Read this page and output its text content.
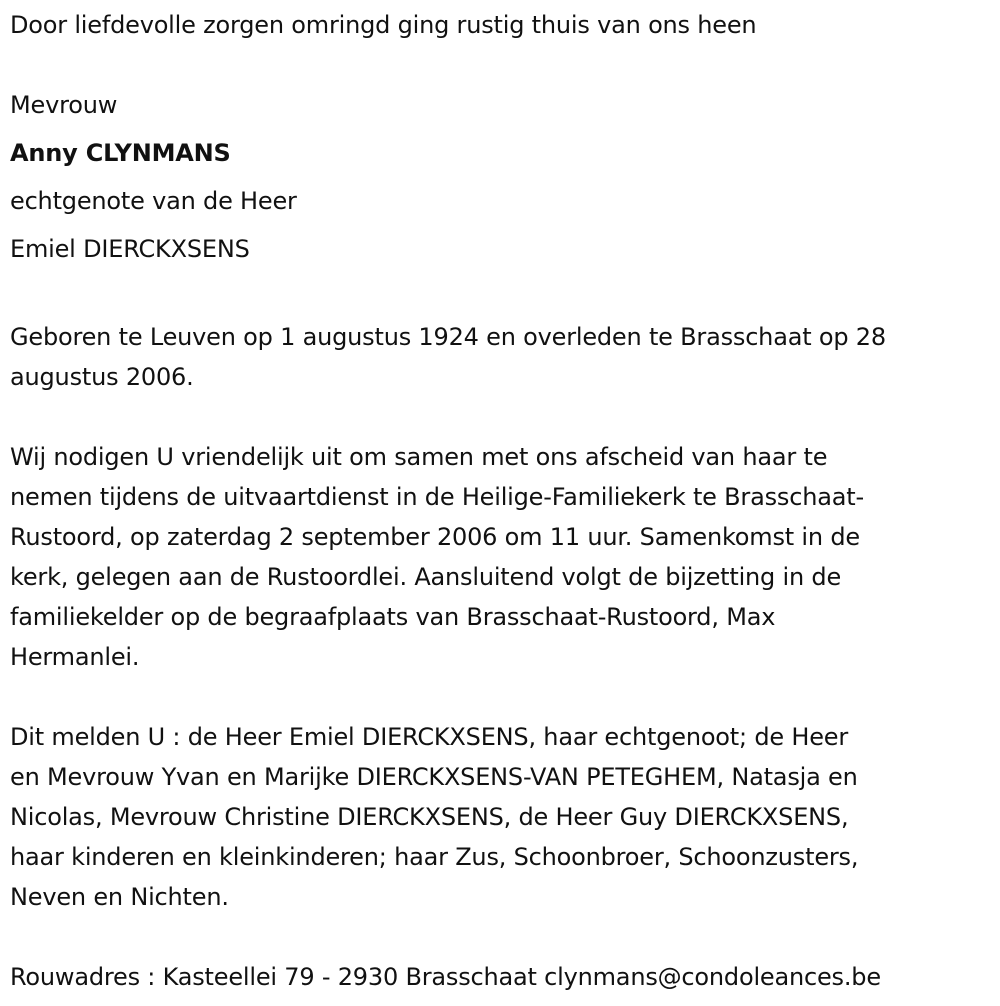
Door liefdevolle zorgen omringd ging rustig thuis van ons heen
Mevrouw
Anny CLYNMANS
echtgenote van de Heer
Emiel DIERCKXSENS
Geboren te Leuven op 1 augustus 1924 en overleden te Brasschaat op 28
augustus 2006.
Wij nodigen U vriendelijk uit om samen met ons afscheid van haar te
nemen tijdens de uitvaartdienst in de Heilige-Familiekerk te Brasschaat-
Rustoord, op zaterdag 2 september 2006 om 11 uur. Samenkomst in de
kerk, gelegen aan de Rustoordlei. Aansluitend volgt de bijzetting in de
familiekelder op de begraafplaats van Brasschaat-Rustoord, Max
Hermanlei.
Dit melden U : de Heer Emiel DIERCKXSENS, haar echtgenoot; de Heer
en Mevrouw Yvan en Marijke DIERCKXSENS-VAN PETEGHEM, Natasja en
Nicolas, Mevrouw Christine DIERCKXSENS, de Heer Guy DIERCKXSENS,
haar kinderen en kleinkinderen; haar Zus, Schoonbroer, Schoonzusters,
Neven en Nichten.
Rouwadres : Kasteellei 79 - 2930 Brasschaat clynmans@condoleances.be
